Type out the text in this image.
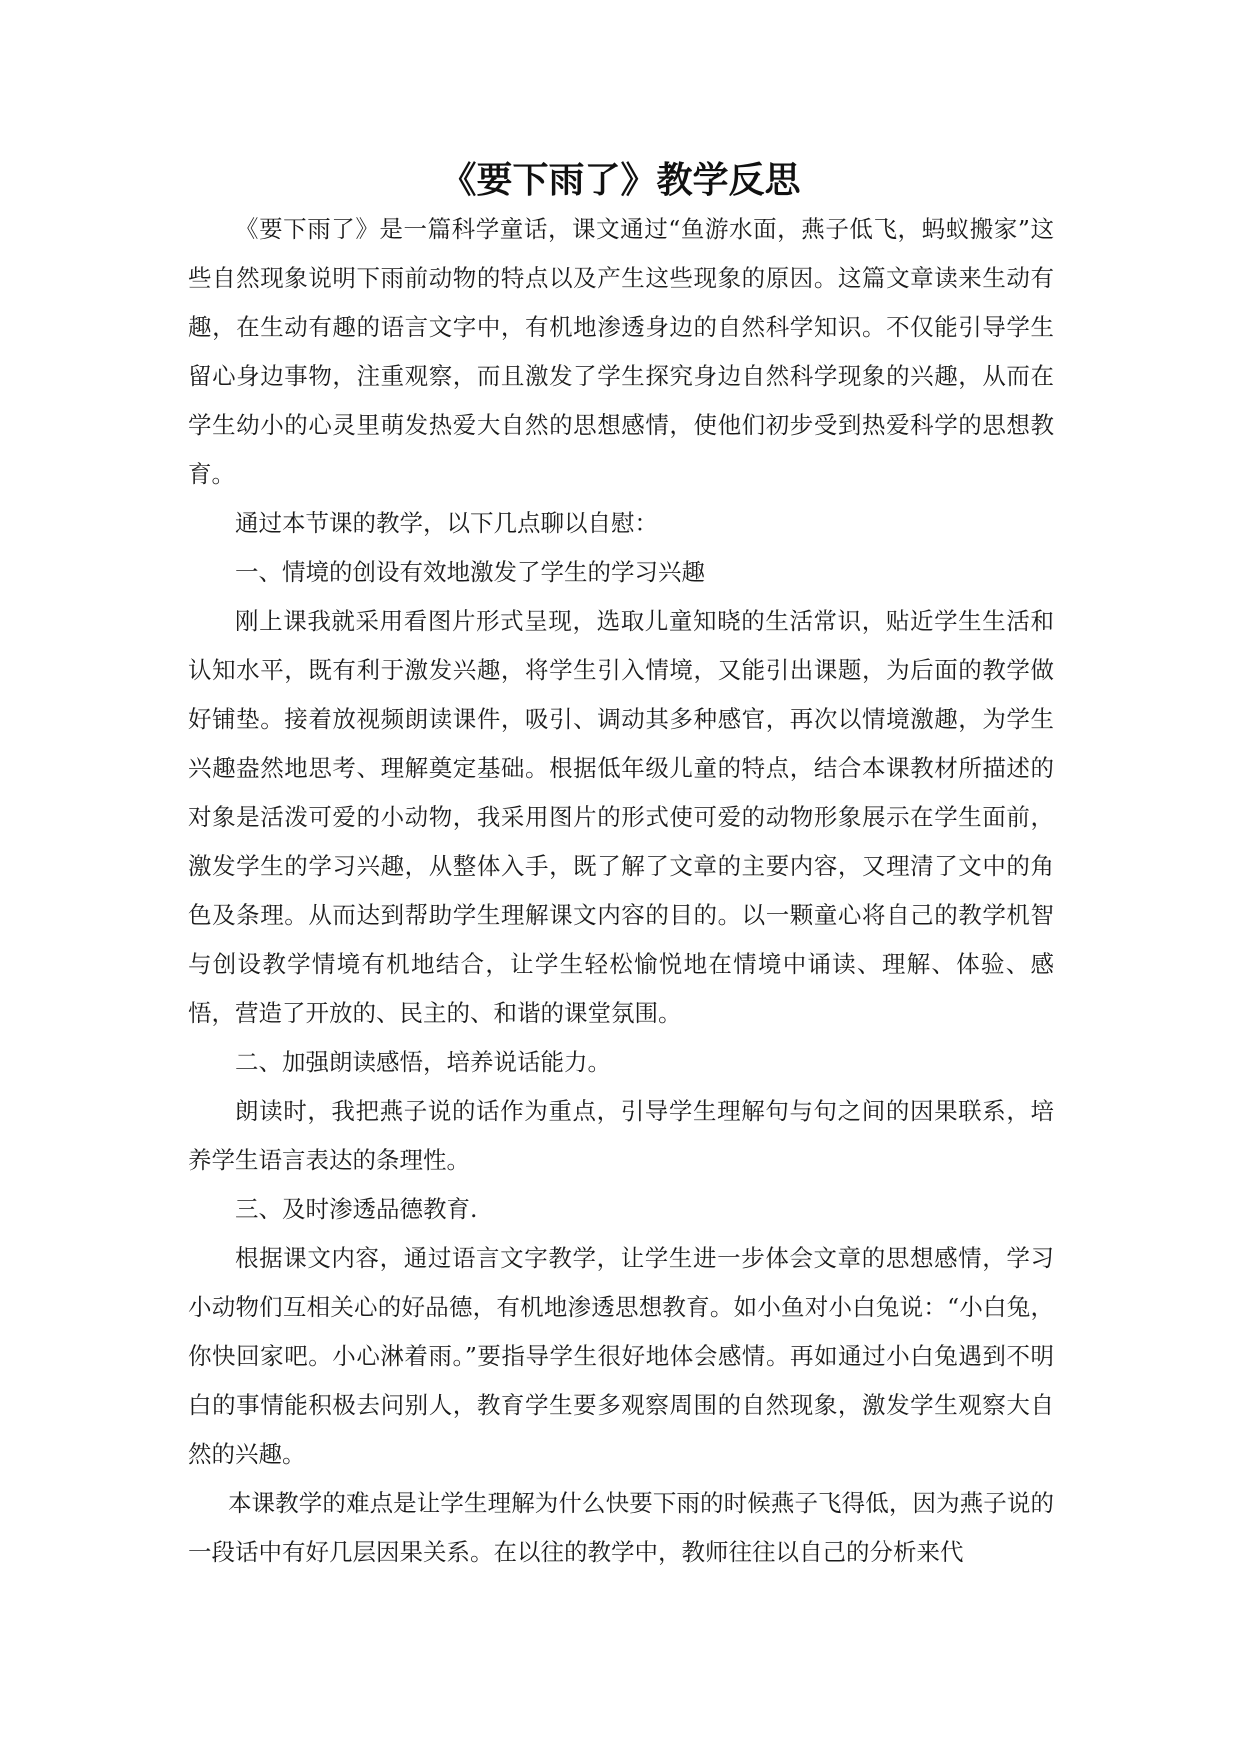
《要下雨了》教学反思

《要下雨了》是一篇科学童话，课文通过“鱼游水面，燕子低飞，蚂蚁搬家”这些自然现象说明下雨前动物的特点以及产生这些现象的原因。这篇文章读来生动有趣，在生动有趣的语言文字中，有机地渗透身边的自然科学知识。不仅能引导学生留心身边事物，注重观察，而且激发了学生探究身边自然科学现象的兴趣，从而在学生幼小的心灵里萌发热爱大自然的思想感情，使他们初步受到热爱科学的思想教育。

通过本节课的教学，以下几点聊以自慰：

一、情境的创设有效地激发了学生的学习兴趣

刚上课我就采用看图片形式呈现，选取儿童知晓的生活常识，贴近学生生活和认知水平，既有利于激发兴趣，将学生引入情境，又能引出课题，为后面的教学做好铺垫。接着放视频朗读课件，吸引、调动其多种感官，再次以情境激趣，为学生兴趣盎然地思考、理解奠定基础。根据低年级儿童的特点，结合本课教材所描述的对象是活泼可爱的小动物，我采用图片的形式使可爱的动物形象展示在学生面前，激发学生的学习兴趣，从整体入手，既了解了文章的主要内容，又理清了文中的角色及条理。从而达到帮助学生理解课文内容的目的。以一颗童心将自己的教学机智与创设教学情境有机地结合，让学生轻松愉悦地在情境中诵读、理解、体验、感悟，营造了开放的、民主的、和谐的课堂氛围。

二、加强朗读感悟，培养说话能力。

朗读时，我把燕子说的话作为重点，引导学生理解句与句之间的因果联系，培养学生语言表达的条理性。

三、及时渗透品德教育.

根据课文内容，通过语言文字教学，让学生进一步体会文章的思想感情，学习小动物们互相关心的好品德，有机地渗透思想教育。如小鱼对小白兔说：“小白兔，你快回家吧。小心淋着雨。”要指导学生很好地体会感情。再如通过小白兔遇到不明白的事情能积极去问别人，教育学生要多观察周围的自然现象，激发学生观察大自然的兴趣。

本课教学的难点是让学生理解为什么快要下雨的时候燕子飞得低，因为燕子说的一段话中有好几层因果关系。在以往的教学中，教师往往以自己的分析来代
